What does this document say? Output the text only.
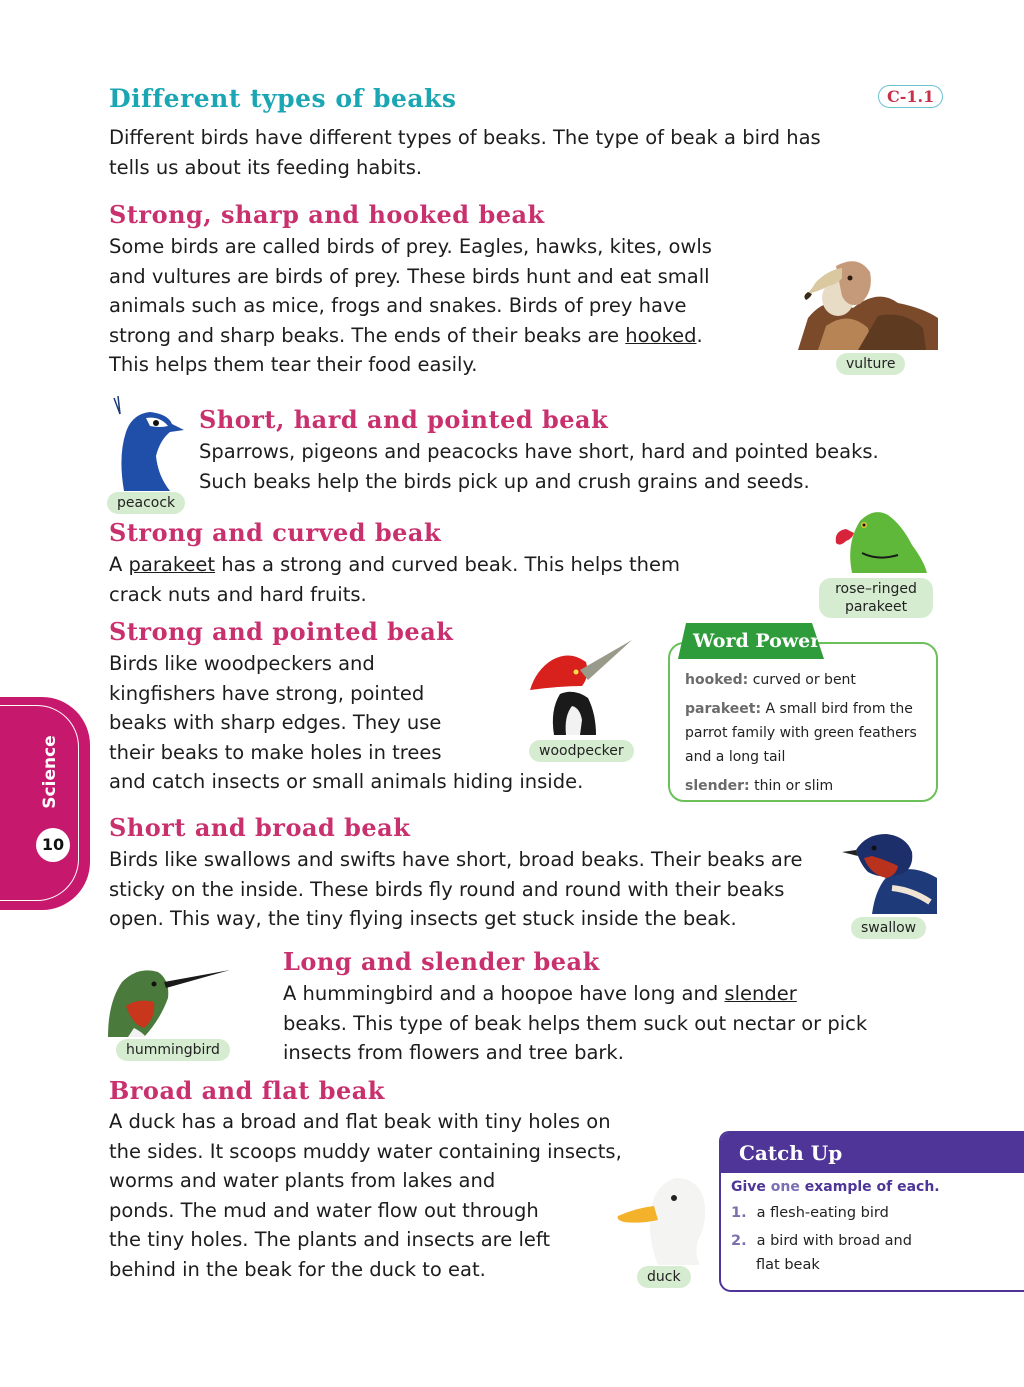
Science
10
Different types of beaks	C-1.1
Different birds have different types of beaks. The type of beak a bird has
tells us about its feeding habits.
Strong, sharp and hooked beak
Some birds are called birds of prey. Eagles, hawks, kites, owls
and vultures are birds of prey. These birds hunt and eat small
animals such as mice, frogs and snakes. Birds of prey have
strong and sharp beaks. The ends of their beaks are hooked.
This helps them tear their food easily.	vulture
peacock
Short, hard and pointed beak
Sparrows, pigeons and peacocks have short, hard and pointed beaks.
Such beaks help the birds pick up and crush grains and seeds.
Strong and curved beak
A parakeet has a strong and curved beak. This helps them
crack nuts and hard fruits.	rose–ringed
parakeet
Strong and pointed beak
Birds like woodpeckers and
kingfishers have strong, pointed
beaks with sharp edges. They use
their beaks to make holes in trees
and catch insects or small animals hiding inside.
woodpecker
hooked: curved or bent
parakeet: A small bird from the
parrot family with green feathers
and a long tail
slender: thin or slim
Word Power
Short and broad beak
Birds like swallows and swifts have short, broad beaks. Their beaks are
sticky on the inside. These birds fly round and round with their beaks
open. This way, the tiny flying insects get stuck inside the beak.	swallow
hummingbird
Long and slender beak
A hummingbird and a hoopoe have long and slender
beaks. This type of beak helps them suck out nectar or pick
insects from flowers and tree bark.
Broad and flat beak
A duck has a broad and flat beak with tiny holes on
the sides. It scoops muddy water containing insects,
worms and water plants from lakes and
ponds. The mud and water flow out through
the tiny holes. The plants and insects are left
behind in the beak for the duck to eat.	duck
Catch Up
Give one example of each.
1. a flesh-eating bird
2. a bird with broad and
flat beak
